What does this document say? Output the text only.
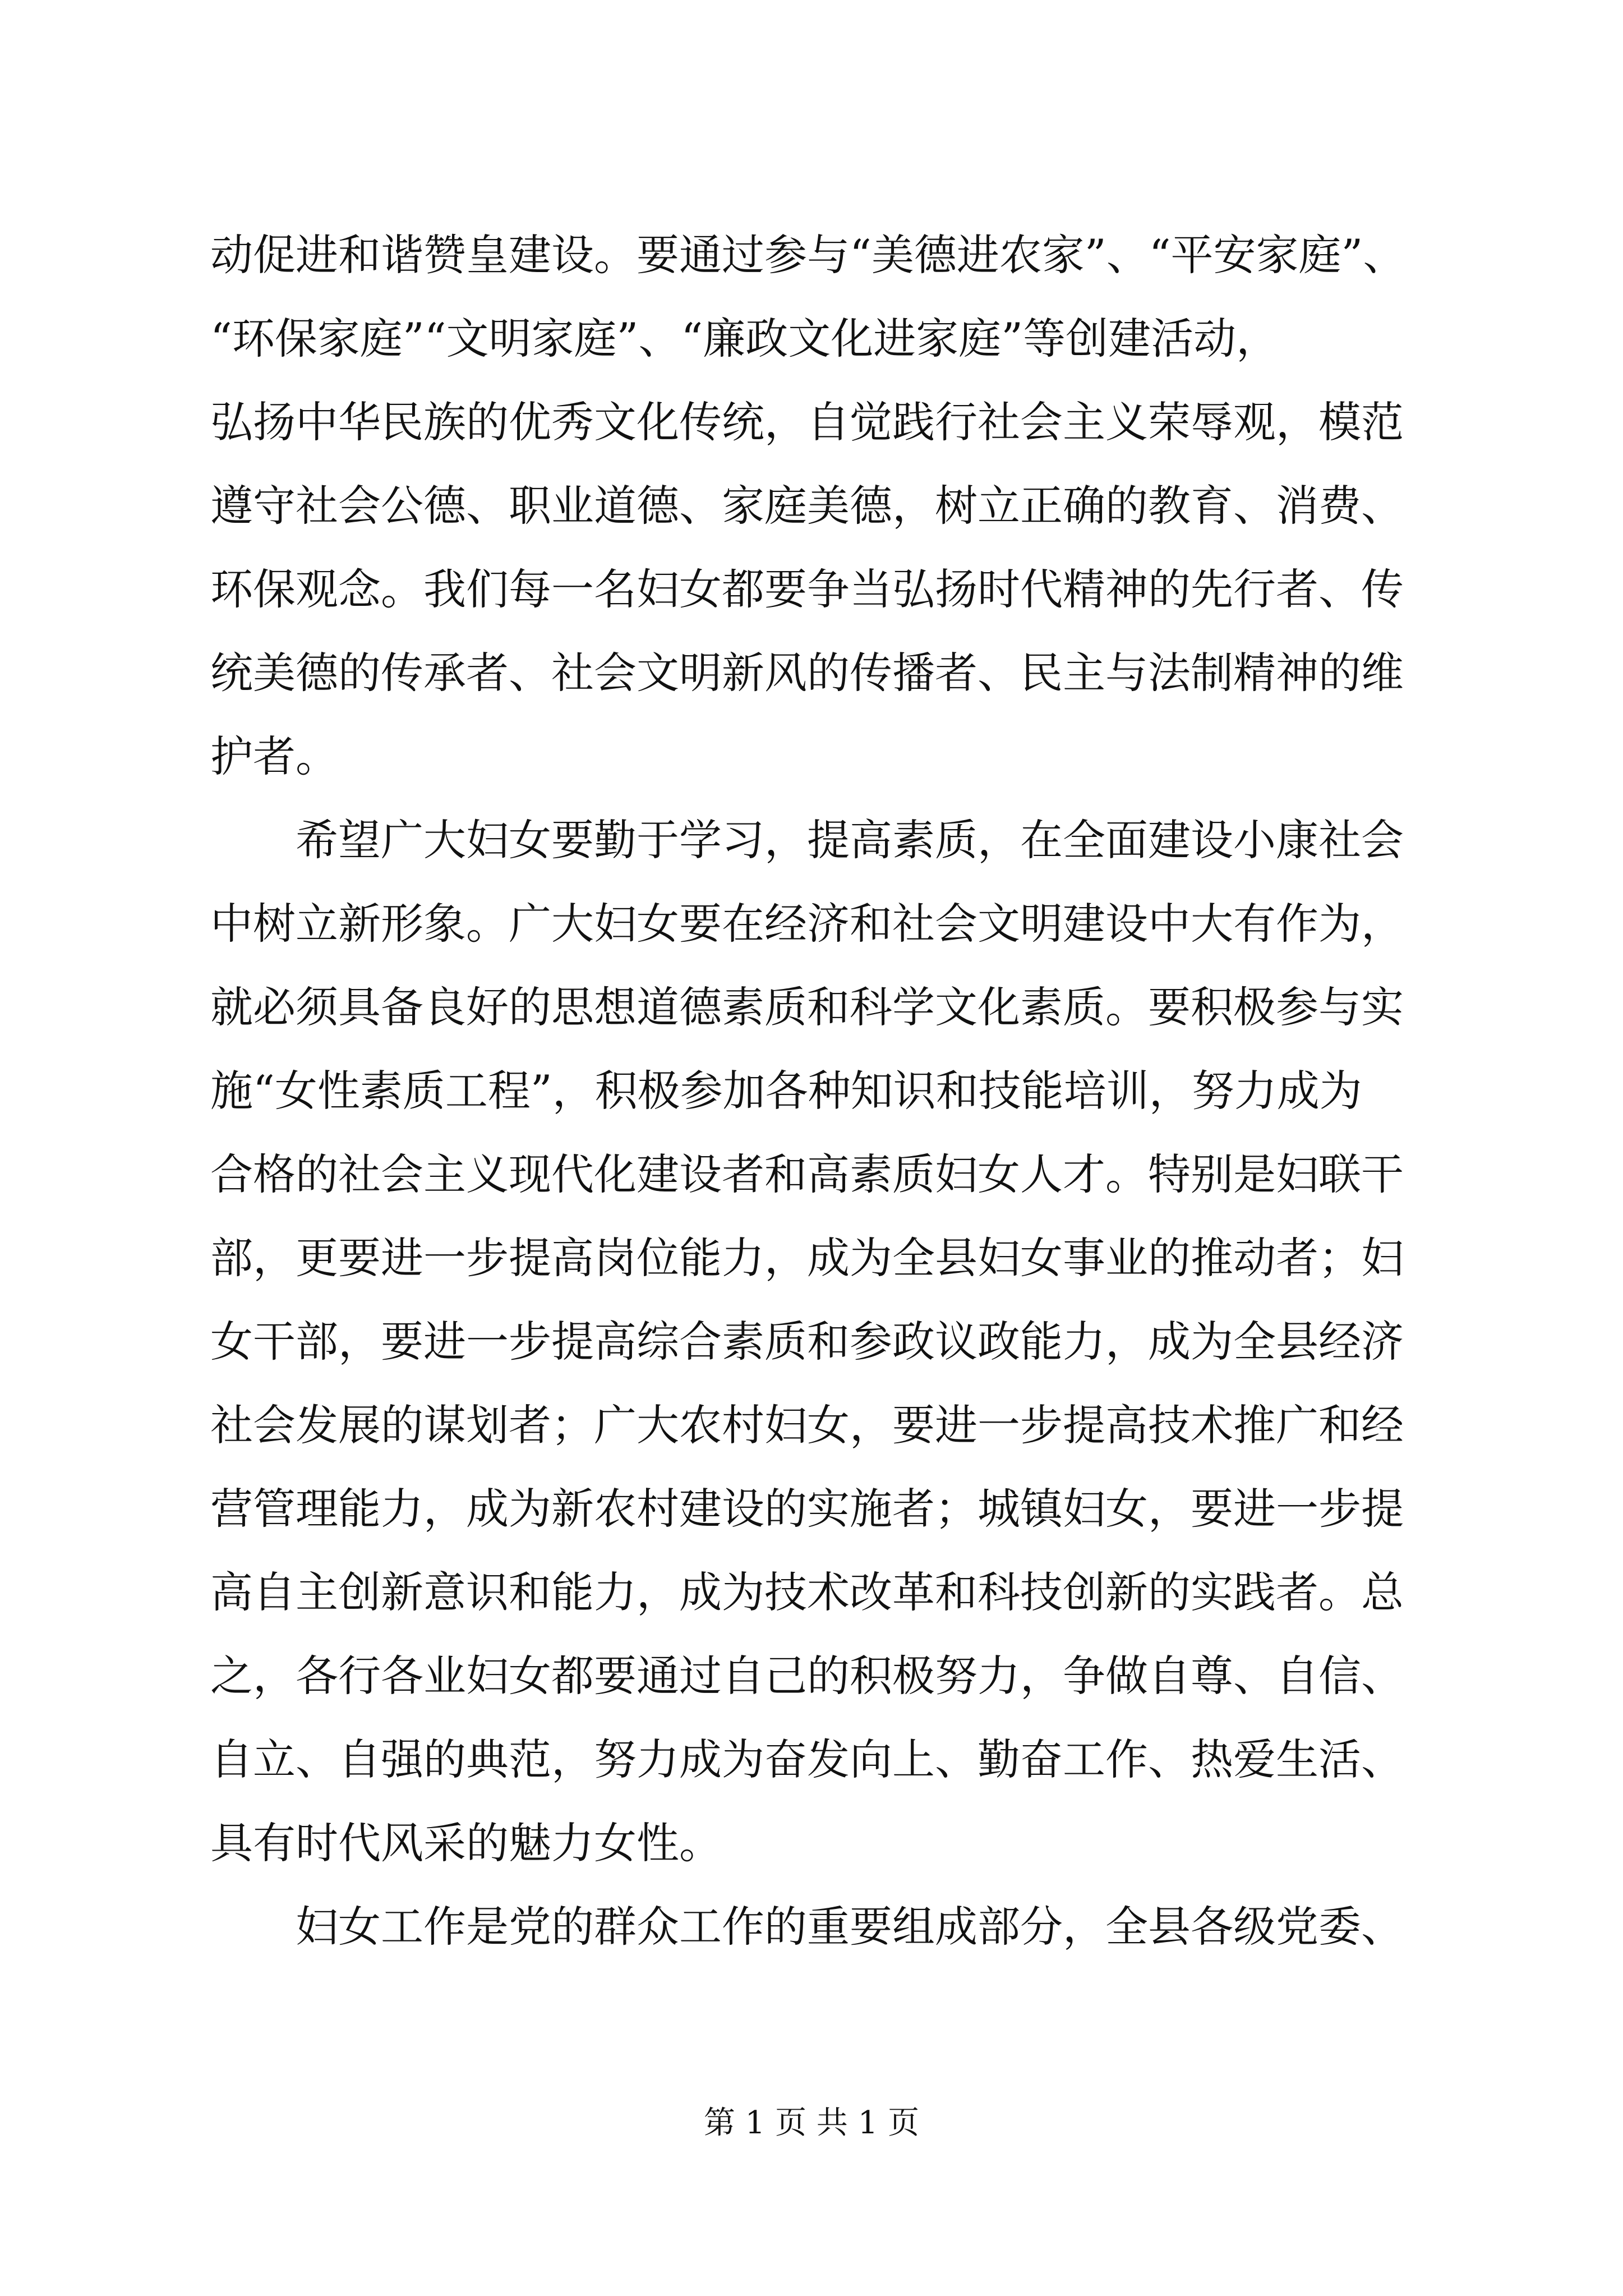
动促进和谐赞皇建设。要通过参与“美德进农家”、“平安家庭”、
“环保家庭”“文明家庭”、“廉政文化进家庭”等创建活动，
弘扬中华民族的优秀文化传统，自觉践行社会主义荣辱观，模范
遵守社会公德、职业道德、家庭美德，树立正确的教育、消费、
环保观念。我们每一名妇女都要争当弘扬时代精神的先行者、传
统美德的传承者、社会文明新风的传播者、民主与法制精神的维
护者。
　　希望广大妇女要勤于学习，提高素质，在全面建设小康社会
中树立新形象。广大妇女要在经济和社会文明建设中大有作为，
就必须具备良好的思想道德素质和科学文化素质。要积极参与实
施“女性素质工程”，积极参加各种知识和技能培训，努力成为
合格的社会主义现代化建设者和高素质妇女人才。特别是妇联干
部，更要进一步提高岗位能力，成为全县妇女事业的推动者；妇
女干部，要进一步提高综合素质和参政议政能力，成为全县经济
社会发展的谋划者；广大农村妇女，要进一步提高技术推广和经
营管理能力，成为新农村建设的实施者；城镇妇女，要进一步提
高自主创新意识和能力，成为技术改革和科技创新的实践者。总
之，各行各业妇女都要通过自己的积极努力，争做自尊、自信、
自立、自强的典范，努力成为奋发向上、勤奋工作、热爱生活、
具有时代风采的魅力女性。
　　妇女工作是党的群众工作的重要组成部分，全县各级党委、
第 1 页 共 1 页
